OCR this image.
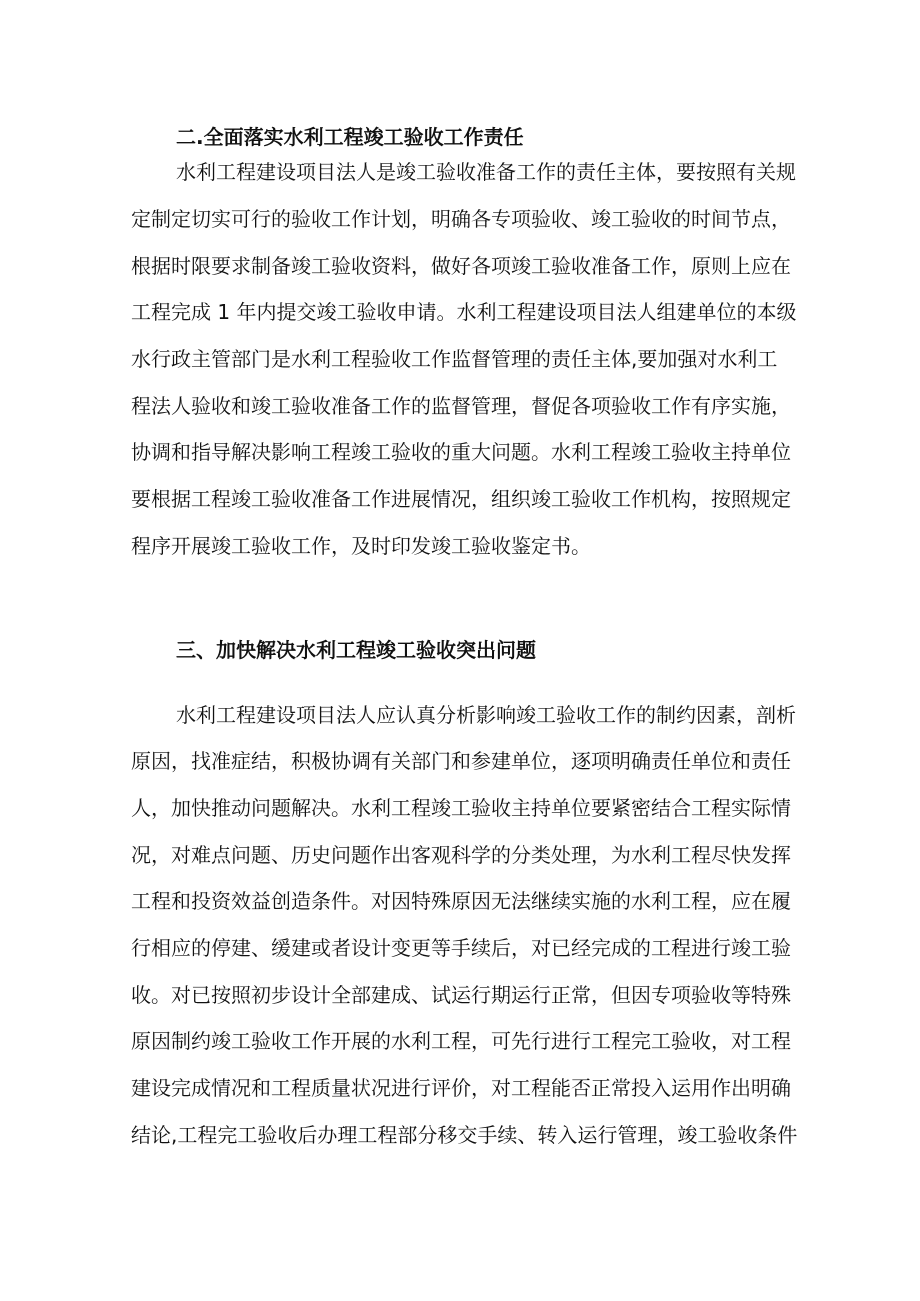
二.全面落实水利工程竣工验收工作责任
水利工程建设项目法人是竣工验收准备工作的责任主体，要按照有关规
定制定切实可行的验收工作计划，明确各专项验收、竣工验收的时间节点，
根据时限要求制备竣工验收资料，做好各项竣工验收准备工作，原则上应在
工程完成 1 年内提交竣工验收申请。水利工程建设项目法人组建单位的本级
水行政主管部门是水利工程验收工作监督管理的责任主体,要加强对水利工
程法人验收和竣工验收准备工作的监督管理，督促各项验收工作有序实施，
协调和指导解决影响工程竣工验收的重大问题。水利工程竣工验收主持单位
要根据工程竣工验收准备工作进展情况，组织竣工验收工作机构，按照规定
程序开展竣工验收工作，及时印发竣工验收鉴定书。
三、加快解决水利工程竣工验收突出问题
水利工程建设项目法人应认真分析影响竣工验收工作的制约因素，剖析
原因，找准症结，积极协调有关部门和参建单位，逐项明确责任单位和责任
人，加快推动问题解决。水利工程竣工验收主持单位要紧密结合工程实际情
况，对难点问题、历史问题作出客观科学的分类处理，为水利工程尽快发挥
工程和投资效益创造条件。对因特殊原因无法继续实施的水利工程，应在履
行相应的停建、缓建或者设计变更等手续后，对已经完成的工程进行竣工验
收。对已按照初步设计全部建成、试运行期运行正常，但因专项验收等特殊
原因制约竣工验收工作开展的水利工程，可先行进行工程完工验收，对工程
建设完成情况和工程质量状况进行评价，对工程能否正常投入运用作出明确
结论,工程完工验收后办理工程部分移交手续、转入运行管理，竣工验收条件
